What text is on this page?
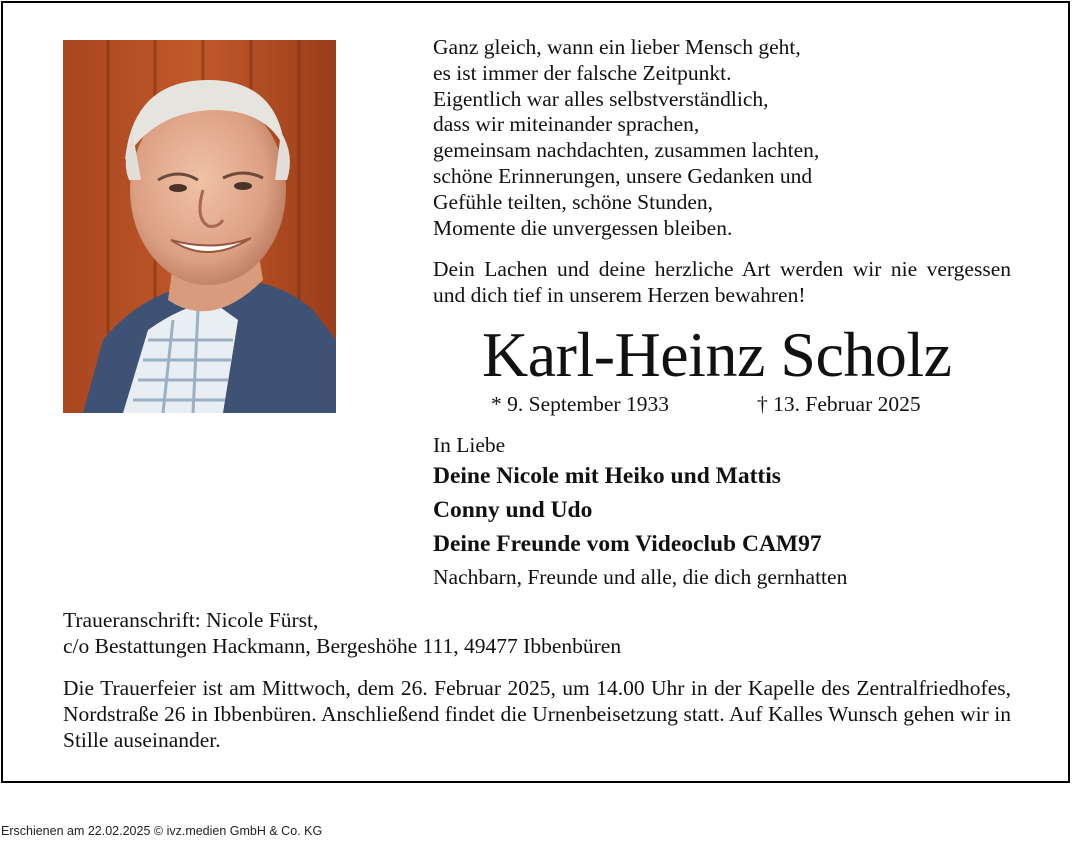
Ganz gleich, wann ein lieber Mensch geht,
es ist immer der falsche Zeitpunkt.
Eigentlich war alles selbstverständlich,
dass wir miteinander sprachen,
gemeinsam nachdachten, zusammen lachten,
schöne Erinnerungen, unsere Gedanken und
Gefühle teilten, schöne Stunden,
Momente die unvergessen bleiben.
Dein Lachen und deine herzliche Art werden wir nie vergessen und dich tief in unserem Herzen bewahren!
Karl-Heinz Scholz
* 9. September 1933	† 13. Februar 2025
In Liebe
Deine Nicole mit Heiko und Mattis
Conny und Udo
Deine Freunde vom Videoclub CAM97
Nachbarn, Freunde und alle, die dich gernhatten
Traueranschrift: Nicole Fürst,
c/o Bestattungen Hackmann, Bergeshöhe 111, 49477 Ibbenbüren
Die Trauerfeier ist am Mittwoch, dem 26. Februar 2025, um 14.00 Uhr in der Kapelle des Zentralfriedhofes, Nordstraße 26 in Ibbenbüren. Anschließend findet die Urnenbeisetzung statt. Auf Kalles Wunsch gehen wir in Stille auseinander.
Erschienen am 22.02.2025 © ivz.medien GmbH & Co. KG
